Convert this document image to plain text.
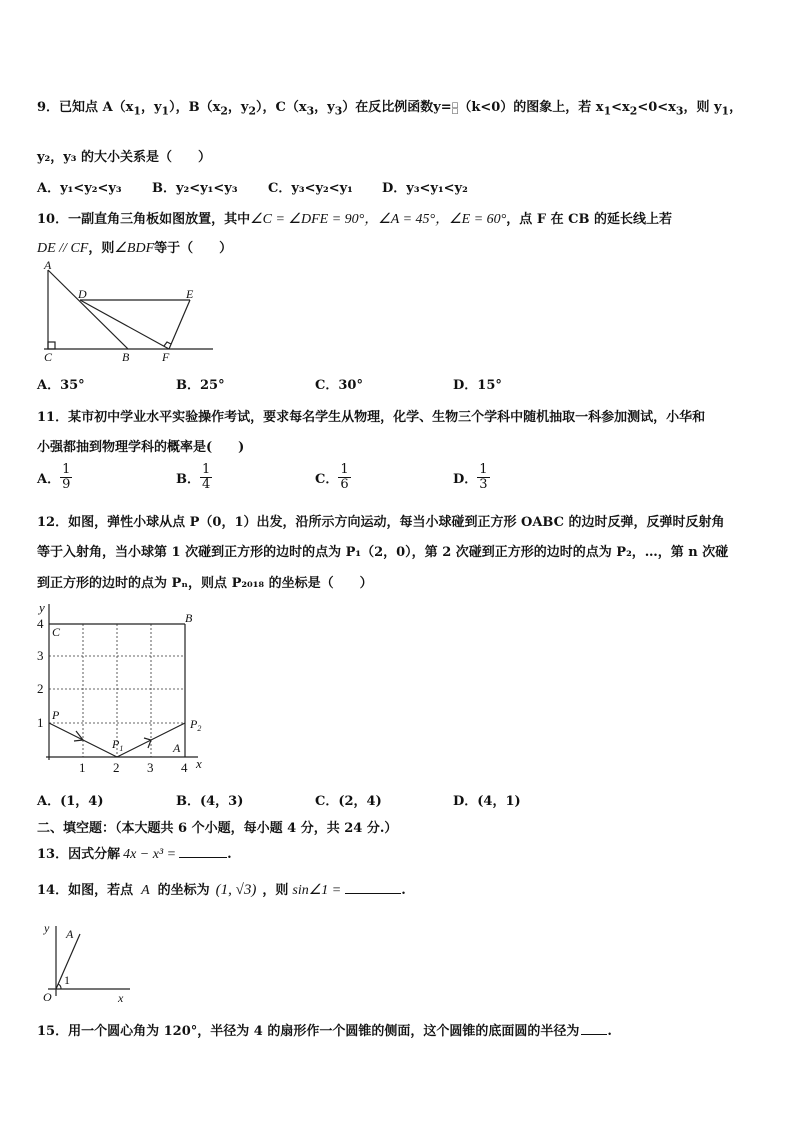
9．已知点 $A(x_1$，$y_1$），$B(x_2$，$y_2$），$C(x_3$，$y_3$）在反比例函数y= □
□ （k<0）的图象上，若 $x_1<x_2<0<x_3$，则 $y_1$，
y₂，y₃ 的大小关系是（　　）
A．y₁<y₂<y₃ B．y₂<y₁<y₃ C．y₃<y₂<y₁ D．y₃<y₁<y₂
10．一副直角三角板如图放置，其中∠C = ∠DFE = 90°，∠A = 45°，∠E = 60°，点 F 在 CB 的延长线上若
DE // CF，则∠BDF等于（　　）
A
C
D	E
B	F
A．35°	B．25°	C．30°	D．15°
11．某市初中学业水平实验操作考试，要求每名学生从物理，化学、生物三个学科中随机抽取一科参加测试，小华和
小强都抽到物理学科的概率是(　　)
A． $\frac{1}{9}$	B． $\frac{1}{4}$	C． $\frac{1}{6}$	D． $\frac{1}{3}$
12．如图，弹性小球从点 P（0，1）出发，沿所示方向运动，每当小球碰到正方形 OABC 的边时反弹，反弹时反射角
等于入射角，当小球第 1 次碰到正方形的边时的点为 P₁（2，0），第 2 次碰到正方形的边时的点为 P₂，…，第 n 次碰
到正方形的边时的点为 Pₙ，则点 P₂₀₁₈ 的坐标是（　　）
y
x
1
2
3
4
1 2 3 4
C
B
P
$P_1$
$P_2$
A
A．(1，4)	B．(4，3)	C．(2，4)	D．(4，1)
二、填空题：（本大题共 6 个小题，每小题 4 分，共 24 分.）
13．因式分解 4x − x³ =	.
14．如图，若点 A 的坐标为 (1, √3) ，则 sin∠1 =	.
y A
1
O	x
15．用一个圆心角为 120°，半径为 4 的扇形作一个圆锥的侧面，这个圆锥的底面圆的半径为 .
